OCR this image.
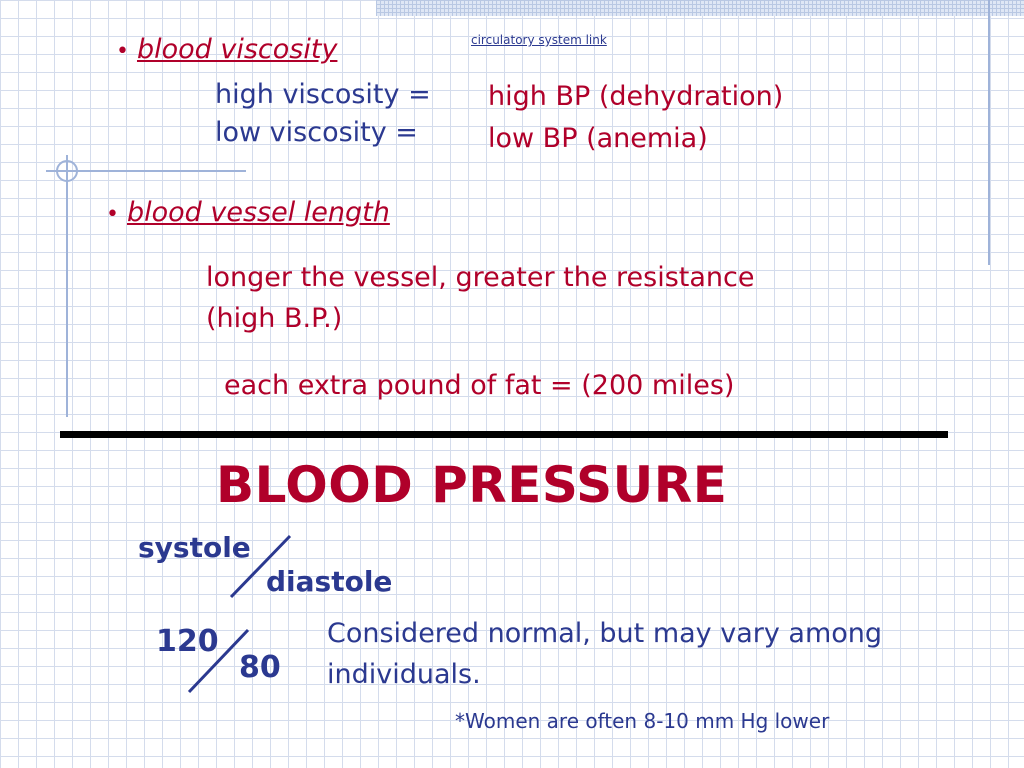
circulatory system link
• blood viscosity
high viscosity =
low viscosity =
high BP (dehydration)
low BP (anemia)
• blood vessel length
longer the vessel, greater the resistance
(high B.P.)
each extra pound of fat = (200 miles)
BLOOD PRESSURE
systole
diastole
120
80
Considered normal, but may vary among
individuals.
*Women are often 8-10 mm Hg lower
